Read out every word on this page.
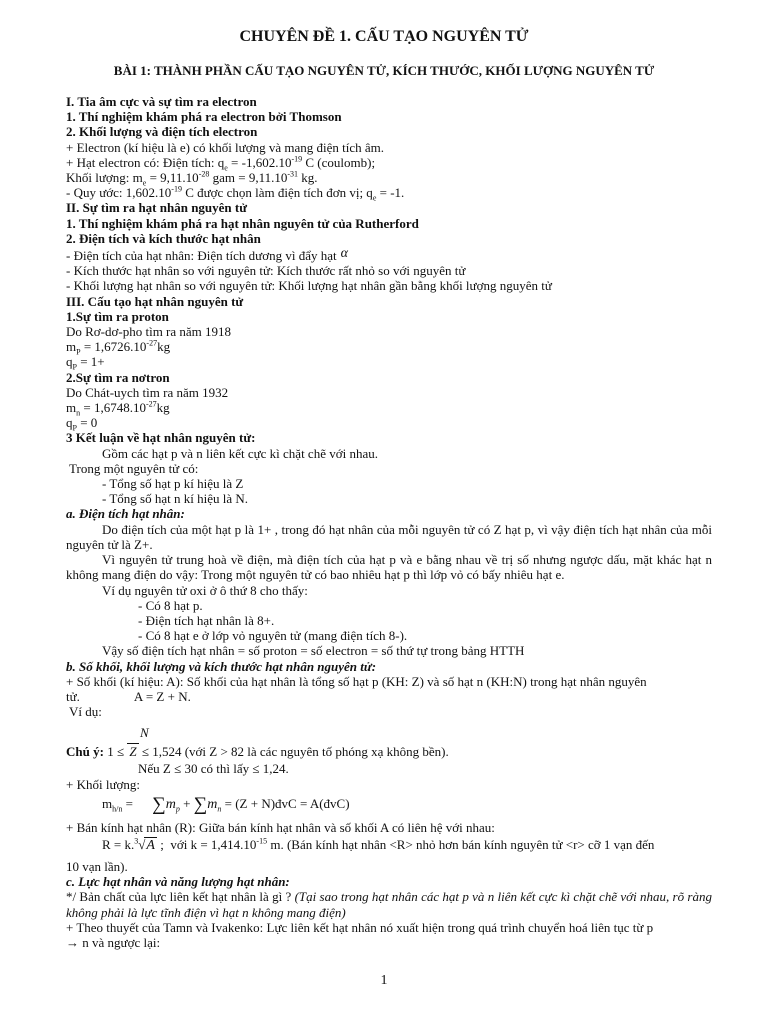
CHUYÊN ĐỀ 1. CẤU TẠO NGUYÊN TỬ
BÀI 1: THÀNH PHẦN CẤU TẠO NGUYÊN TỬ, KÍCH THƯỚC, KHỐI LƯỢNG NGUYÊN TỬ
I. Tia âm cực và sự tìm ra electron
1. Thí nghiệm khám phá ra electron bởi Thomson
2. Khối lượng và điện tích electron
+ Electron (kí hiệu là e) có khối lượng và mang điện tích âm.
+ Hạt electron có: Điện tích: $q_e = -1,602.10^{-19}$ C (coulomb);
Khối lượng: $m_e = 9,11.10^{-28}$ gam = $9,11.10^{-31}$ kg.
- Quy ước: $1,602.10^{-19}$ C được chọn làm điện tích đơn vị; $q_e = -1$.
II. Sự tìm ra hạt nhân nguyên tử
1. Thí nghiệm khám phá ra hạt nhân nguyên tử của Rutherford
2. Điện tích và kích thước hạt nhân
- Điện tích của hạt nhân: Điện tích dương vì đẩy hạt α
- Kích thước hạt nhân so với nguyên tử: Kích thước rất nhỏ so với nguyên tử
- Khối lượng hạt nhân so với nguyên tử: Khối lượng hạt nhân gần bằng khối lượng nguyên tử
III. Cấu tạo hạt nhân nguyên tử
1.Sự tìm ra proton
Do Rơ-dơ-pho tìm ra năm 1918
$m_P = 1,6726.10^{-27}kg$
$q_P = 1+$
2.Sự tìm ra nơtron
Do Chát-uych tìm ra năm 1932
$m_n = 1,6748.10^{-27}kg$
$q_P = 0$
3 Kết luận về hạt nhân nguyên tử:
Gồm các hạt p và n liên kết cực kì chặt chẽ với nhau.
Trong một nguyên tử có:
- Tổng số hạt p kí hiệu là Z
- Tổng số hạt n kí hiệu là N.
a. Điện tích hạt nhân:
Do điện tích của một hạt p là 1+ , trong đó hạt nhân của mỗi nguyên tử có Z hạt p, vì vậy điện tích hạt nhân của mỗi nguyên tử là Z+.
Vì nguyên tử trung hoà về điện, mà điện tích của hạt p và e bằng nhau về trị số nhưng ngược dấu, mặt khác hạt n không mang điện do vậy: Trong một nguyên tử có bao nhiêu hạt p thì lớp vỏ có bấy nhiêu hạt e.
Ví dụ nguyên tử oxi ở ô thứ 8 cho thấy:
- Có 8 hạt p.
- Điện tích hạt nhân là 8+.
- Có 8 hạt e ở lớp vỏ nguyên tử (mang điện tích 8-).
Vậy số điện tích hạt nhân = số proton = số electron = số thứ tự trong bảng HTTH
b. Số khối, khối lượng và kích thước hạt nhân nguyên tử:
+ Số khối (kí hiệu: A): Số khối của hạt nhân là tổng số hạt p (KH: Z) và số hạt n (KH:N) trong hạt nhân nguyên
tử.	A = Z + N.
Ví dụ:
N
Chú ý: 1 ≤ Z ≤ 1,524 (với Z > 82 là các nguyên tố phóng xạ không bền).
Nếu Z ≤ 30 có thì lấy ≤ 1,24.
+ Khối lượng:
$m_{h/n} = \sum m_p + \sum m_n = (Z$ + N)đvC = A(đvC)
+ Bán kính hạt nhân (R): Giữa bán kính hạt nhân và số khối A có liên hệ với nhau:
R = k.$^3$√A ;  với $k = 1,414.10^{-15}$ m. (Bán kính hạt nhân <R> nhỏ hơn bán kính nguyên tử <r> cỡ 1 vạn đến
10 vạn lần).
c. Lực hạt nhân và năng lượng hạt nhân:
*/ Bản chất của lực liên kết hạt nhân là gì ? (Tại sao trong hạt nhân các hạt p và n liên kết cực kì chặt chẽ với nhau, rõ ràng không phải là lực tĩnh điện vì hạt n không mang điện)
+ Theo thuyết của Tamn và Ivakenko: Lực liên kết hạt nhân nó xuất hiện trong quá trình chuyển hoá liên tục từ p
→ n và ngược lại:
1
